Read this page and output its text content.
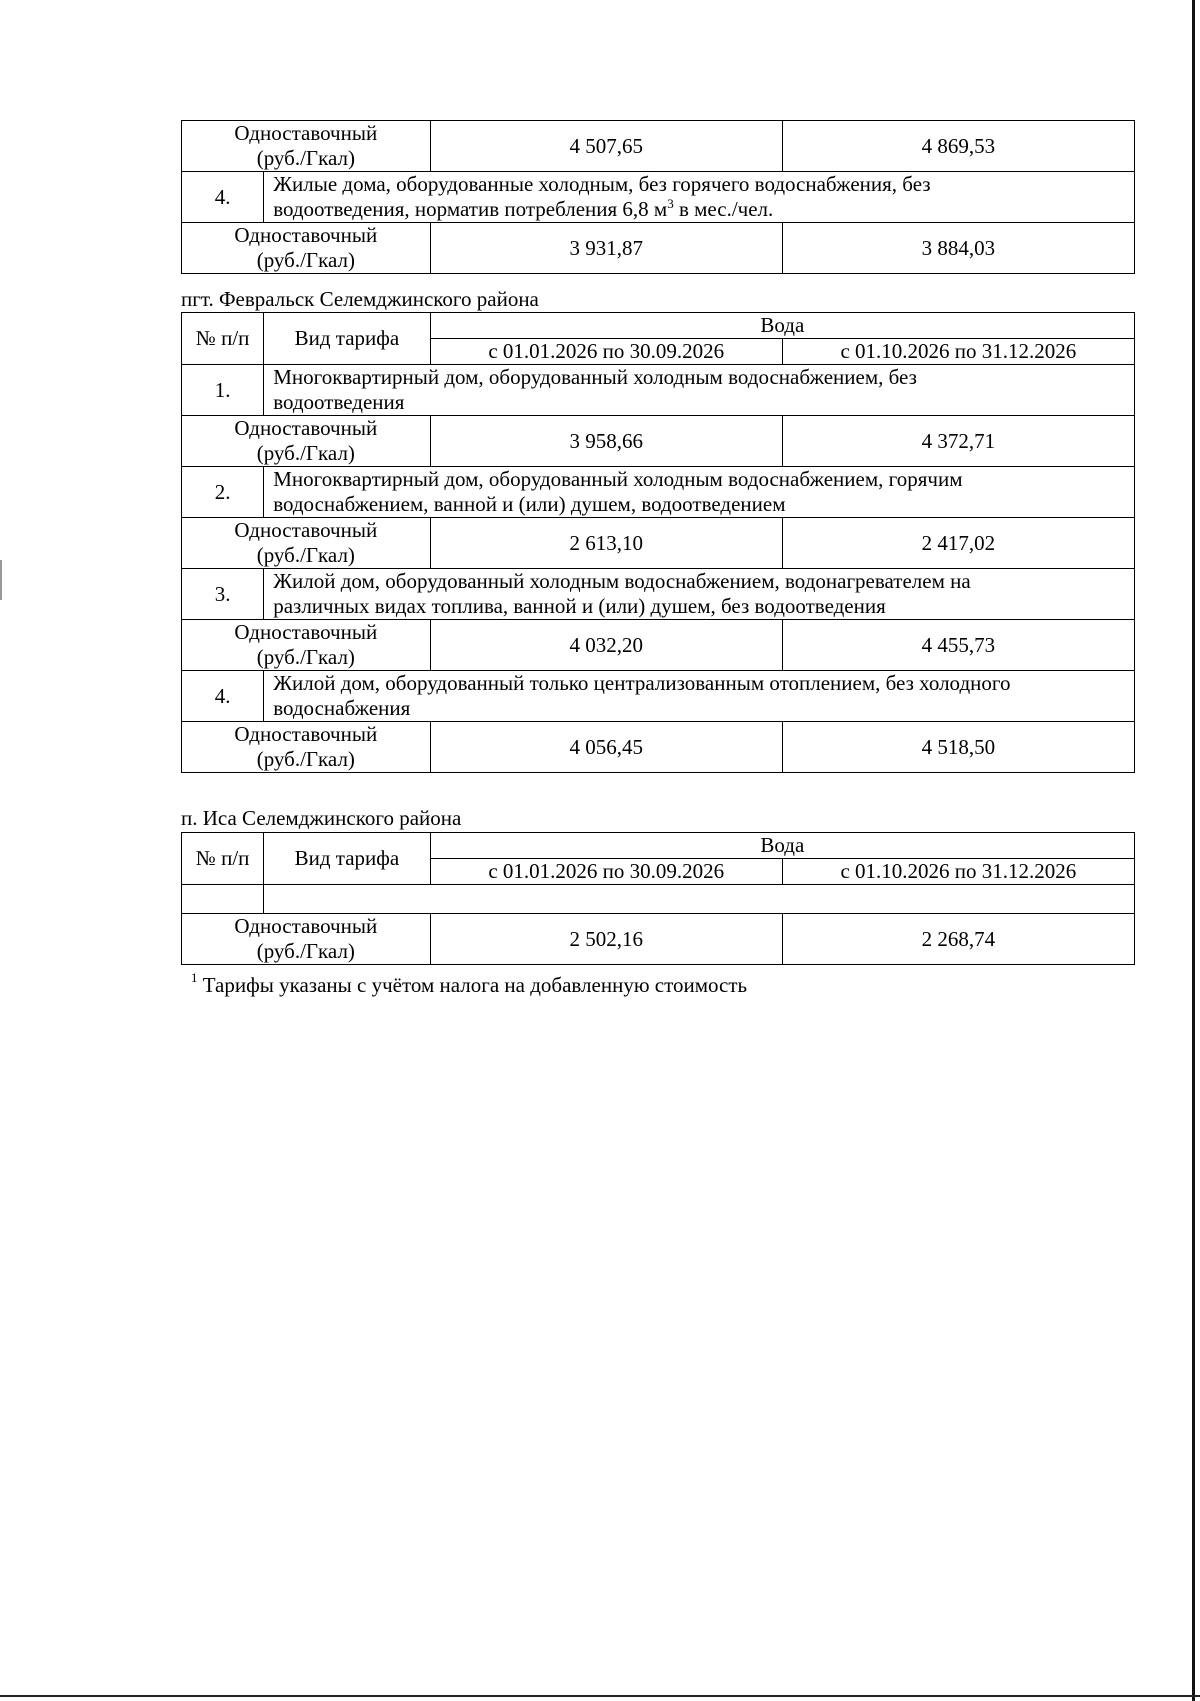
Одноставочный
(руб./Гкал)		4 507,65	4 869,53
4.	Жилые дома, оборудованные холодным, без горячего водоснабжения, без
водоотведения, норматив потребления 6,8 $м^3$ в мес./чел.		

Одноставочный
(руб./Гкал)		3 931,87	3 884,03
пгт. Февральск Селемджинского района
№ п/п	Вид тарифа	Вода	
		с 01.01.2026 по 30.09.2026	с 01.10.2026 по 31.12.2026
1.	Многоквартирный дом, оборудованный холодным водоснабжением, без
водоотведения		

Одноставочный
(руб./Гкал)		3 958,66	4 372,71
2.	Многоквартирный дом, оборудованный холодным водоснабжением, горячим
водоснабжением, ванной и (или) душем, водоотведением		

Одноставочный
(руб./Гкал)		2 613,10	2 417,02
3.	Жилой дом, оборудованный холодным водоснабжением, водонагревателем на
различных видах топлива, ванной и (или) душем, без водоотведения		

Одноставочный
(руб./Гкал)		4 032,20	4 455,73
4.	Жилой дом, оборудованный только централизованным отоплением, без холодного
водоснабжения		

Одноставочный
(руб./Гкал)		4 056,45	4 518,50
п. Иса Селемджинского района
№ п/п	Вид тарифа	Вода	
		с 01.01.2026 по 30.09.2026	с 01.10.2026 по 31.12.2026

Одноставочный
(руб./Гкал)		2 502,16	2 268,74
$^1$ Тарифы указаны с учётом налога на добавленную стоимость
